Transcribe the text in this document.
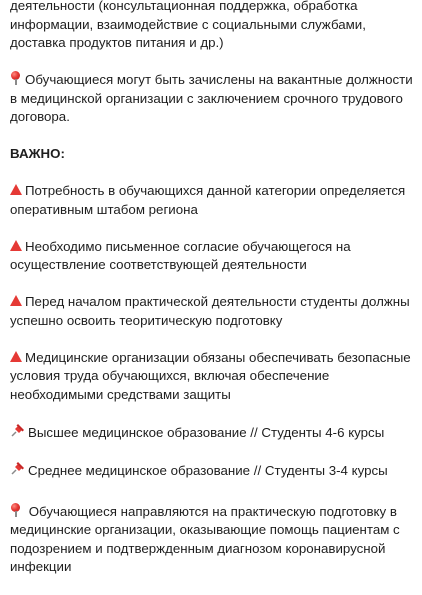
деятельности (консультационная поддержка, обработка информации, взаимодействие с социальными службами, доставка продуктов питания и др.)

Обучающиеся могут быть зачислены на вакантные должности в медицинской организации с заключением срочного трудового договора.

ВАЖНО:

Потребность в обучающихся данной категории определяется оперативным штабом региона

Необходимо письменное согласие обучающегося на осуществление соответствующей деятельности

Перед началом практической деятельности студенты должны успешно освоить теоритическую подготовку

Медицинские организации обязаны обеспечивать безопасные условия труда обучающихся, включая обеспечение необходимыми средствами защиты

Высшее медицинское образование // Студенты 4-6 курсы

Среднее медицинское образование // Студенты 3-4 курсы

Обучающиеся направляются на практическую подготовку в медицинские организации, оказывающие помощь пациентам с подозрением и подтвержденным диагнозом коронавирусной инфекции
